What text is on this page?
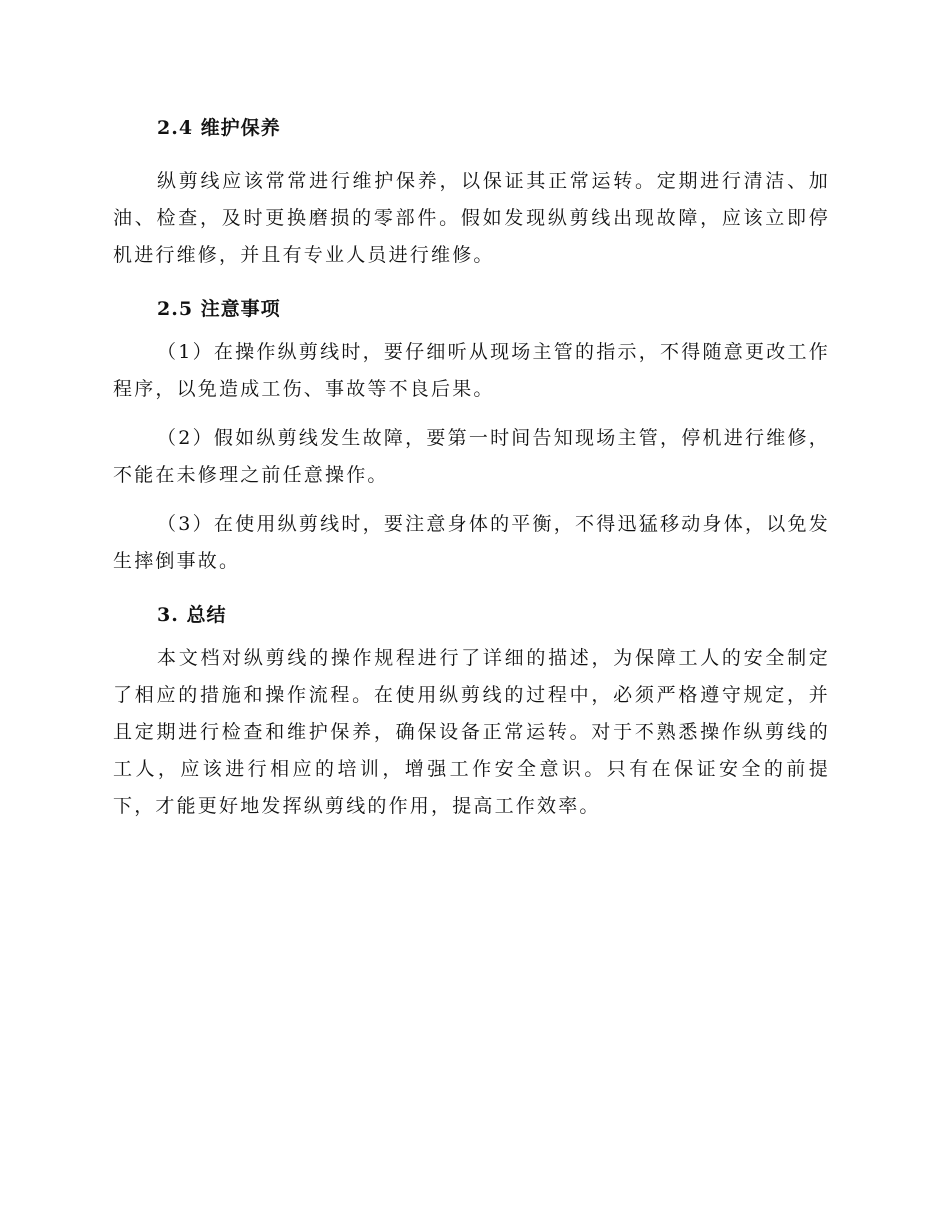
2.4 维护保养

纵剪线应该常常进行维护保养，以保证其正常运转。定期进行清洁、加油、检查，及时更换磨损的零部件。假如发现纵剪线出现故障，应该立即停机进行维修，并且有专业人员进行维修。

2.5 注意事项

（1）在操作纵剪线时，要仔细听从现场主管的指示，不得随意更改工作程序，以免造成工伤、事故等不良后果。

（2）假如纵剪线发生故障，要第一时间告知现场主管，停机进行维修，不能在未修理之前任意操作。

（3）在使用纵剪线时，要注意身体的平衡，不得迅猛移动身体，以免发生摔倒事故。

3. 总结

本文档对纵剪线的操作规程进行了详细的描述，为保障工人的安全制定了相应的措施和操作流程。在使用纵剪线的过程中，必须严格遵守规定，并且定期进行检查和维护保养，确保设备正常运转。对于不熟悉操作纵剪线的工人，应该进行相应的培训，增强工作安全意识。只有在保证安全的前提下，才能更好地发挥纵剪线的作用，提高工作效率。
